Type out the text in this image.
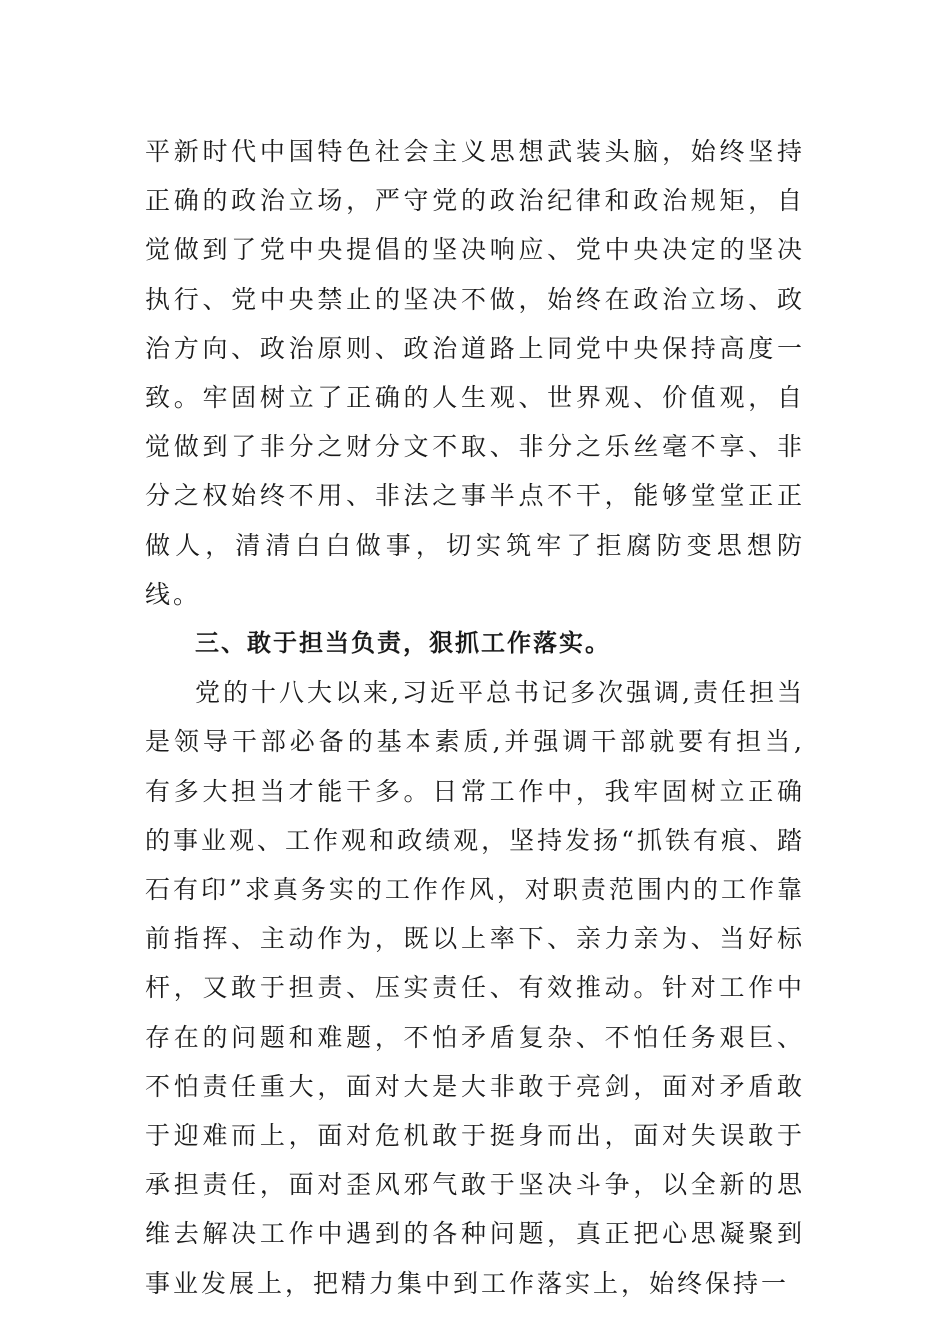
平新时代中国特色社会主义思想武装头脑，始终坚持正确的政治立场，严守党的政治纪律和政治规矩，自觉做到了党中央提倡的坚决响应、党中央决定的坚决执行、党中央禁止的坚决不做，始终在政治立场、政治方向、政治原则、政治道路上同党中央保持高度一致。牢固树立了正确的人生观、世界观、价值观，自觉做到了非分之财分文不取、非分之乐丝毫不享、非分之权始终不用、非法之事半点不干，能够堂堂正正做人，清清白白做事，切实筑牢了拒腐防变思想防线。

三、敢于担当负责，狠抓工作落实。

党的十八大以来,习近平总书记多次强调,责任担当是领导干部必备的基本素质,并强调干部就要有担当,有多大担当才能干多。日常工作中，我牢固树立正确的事业观、工作观和政绩观，坚持发扬“抓铁有痕、踏石有印”求真务实的工作作风，对职责范围内的工作靠前指挥、主动作为，既以上率下、亲力亲为、当好标杆，又敢于担责、压实责任、有效推动。针对工作中存在的问题和难题，不怕矛盾复杂、不怕任务艰巨、不怕责任重大，面对大是大非敢于亮剑，面对矛盾敢于迎难而上，面对危机敢于挺身而出，面对失误敢于承担责任，面对歪风邪气敢于坚决斗争，以全新的思维去解决工作中遇到的各种问题，真正把心思凝聚到事业发展上，把精力集中到工作落实上，始终保持一
